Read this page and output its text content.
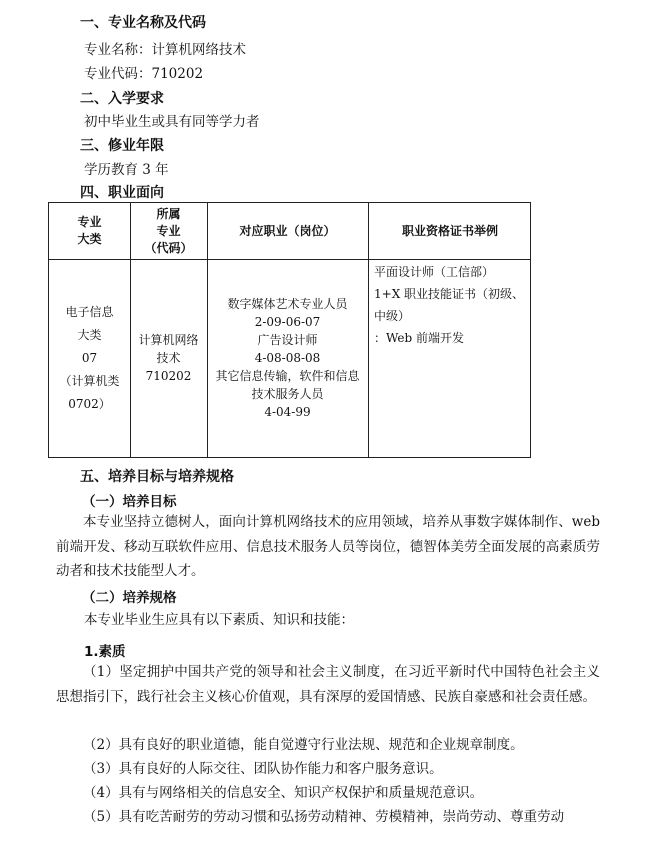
一、专业名称及代码
专业名称：计算机网络技术
专业代码：710202
二、入学要求
初中毕业生或具有同等学力者
三、修业年限
学历教育 3 年
四、职业面向
专业
大类
所属
专业
（代码）
对应职业（岗位）	职业资格证书举例
电子信息
大类
07
（计算机类
0702）
计算机网络
技术
710202
数字媒体艺术专业人员
2-09-06-07
广告设计师
4-08-08-08
其它信息传输，软件和信息
技术服务人员
4-04-99
平面设计师（工信部）
1+X 职业技能证书（初级、
中级）
：Web 前端开发
五、培养目标与培养规格
（一）培养目标
本专业坚持立德树人，面向计算机网络技术的应用领域，培养从事数字媒体制作、web 前端开发、移动互联软件应用、信息技术服务人员等岗位，德智体美劳全面发展的高素质劳动者和技术技能型人才。
（二）培养规格
本专业毕业生应具有以下素质、知识和技能：
1.素质
（1）坚定拥护中国共产党的领导和社会主义制度，在习近平新时代中国特色社会主义思想指引下，践行社会主义核心价值观，具有深厚的爱国情感、民族自豪感和社会责任感。
（2）具有良好的职业道德，能自觉遵守行业法规、规范和企业规章制度。
（3）具有良好的人际交往、团队协作能力和客户服务意识。
（4）具有与网络相关的信息安全、知识产权保护和质量规范意识。
（5）具有吃苦耐劳的劳动习惯和弘扬劳动精神、劳模精神，崇尚劳动、尊重劳动
